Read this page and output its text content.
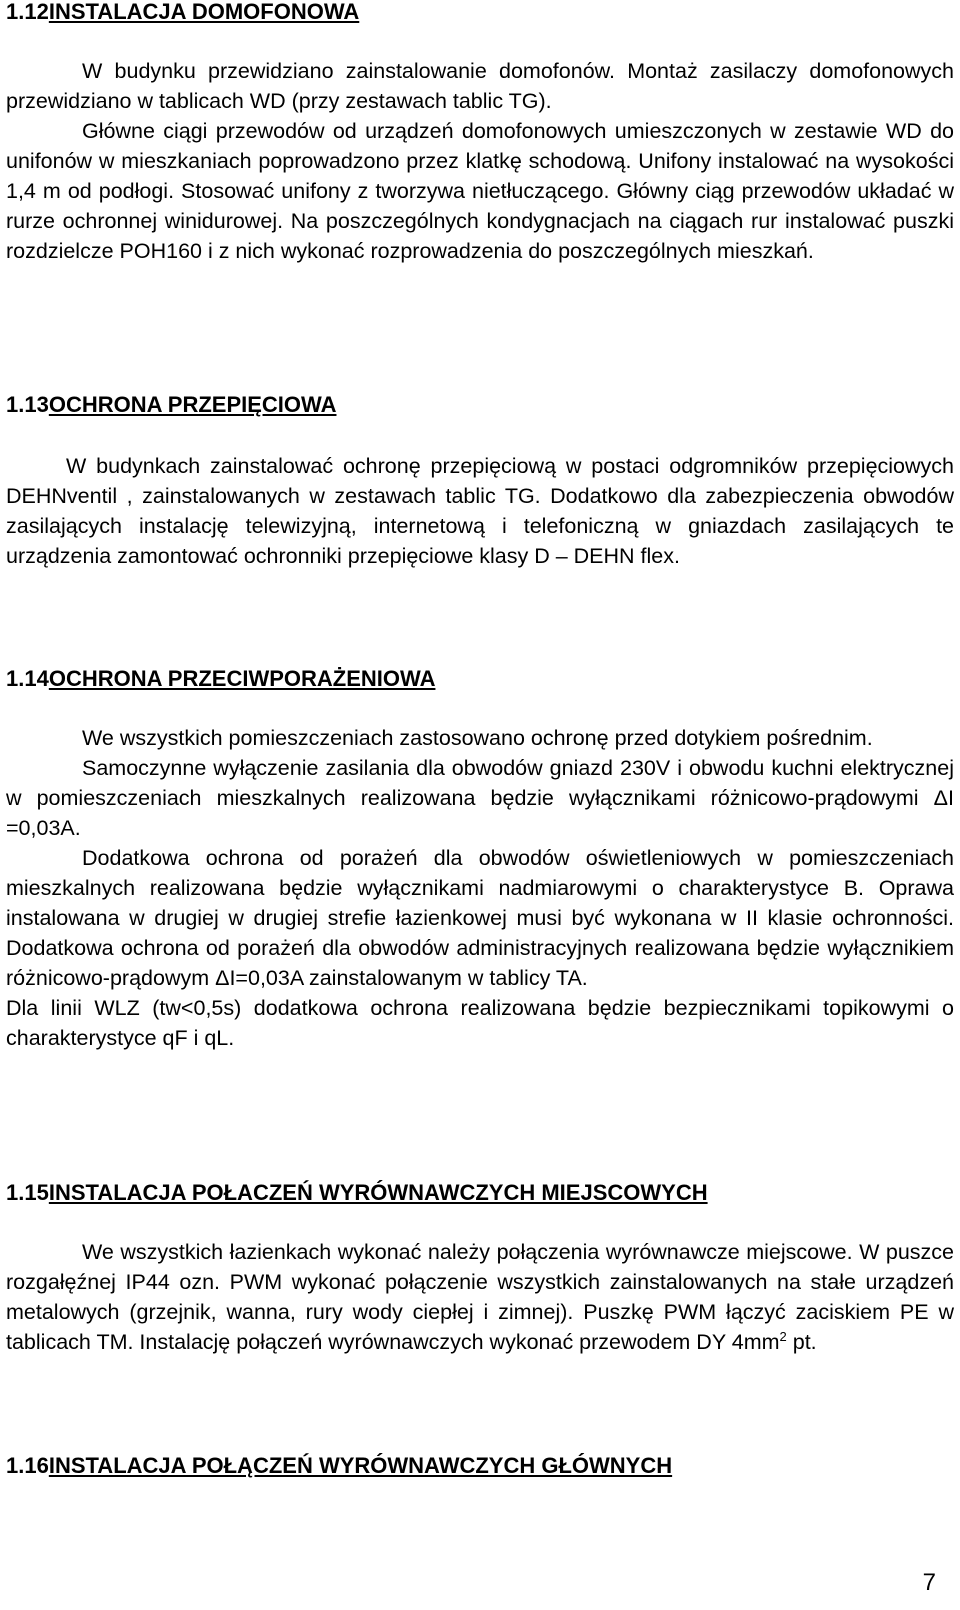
1.12INSTALACJA DOMOFONOWA

W budynku przewidziano zainstalowanie domofonów. Montaż zasilaczy domofonowych przewidziano w tablicach WD (przy zestawach tablic TG).

Główne ciągi przewodów od urządzeń domofonowych umieszczonych w zestawie WD do unifonów w mieszkaniach poprowadzono przez klatkę schodową. Unifony instalować na wysokości 1,4 m od podłogi. Stosować unifony z tworzywa nietłuczącego. Główny ciąg przewodów układać w rurze ochronnej winidurowej. Na poszczególnych kondygnacjach na ciągach rur instalować puszki rozdzielcze POH160 i z nich wykonać rozprowadzenia do poszczególnych mieszkań.

1.13OCHRONA PRZEPIĘCIOWA

W budynkach zainstalować ochronę przepięciową w postaci odgromników przepięciowych DEHNventil , zainstalowanych w zestawach tablic TG. Dodatkowo dla zabezpieczenia obwodów zasilających instalację telewizyjną, internetową i telefoniczną w gniazdach zasilających te urządzenia zamontować ochronniki przepięciowe klasy D – DEHN flex.

1.14OCHRONA PRZECIWPORAŻENIOWA

We wszystkich pomieszczeniach zastosowano ochronę przed dotykiem pośrednim.

Samoczynne wyłączenie zasilania dla obwodów gniazd 230V i obwodu kuchni elektrycznej w pomieszczeniach mieszkalnych realizowana będzie wyłącznikami różnicowo-prądowymi ΔI =0,03A.

Dodatkowa ochrona od porażeń dla obwodów oświetleniowych w pomieszczeniach mieszkalnych realizowana będzie wyłącznikami nadmiarowymi o charakterystyce B. Oprawa instalowana w drugiej w drugiej strefie łazienkowej musi być wykonana w II klasie ochronności. Dodatkowa ochrona od porażeń dla obwodów administracyjnych realizowana będzie wyłącznikiem różnicowo-prądowym ΔI=0,03A zainstalowanym w tablicy TA.

Dla linii WLZ (tw<0,5s) dodatkowa ochrona realizowana będzie bezpiecznikami topikowymi o charakterystyce qF i qL.

1.15INSTALACJA POŁACZEŃ WYRÓWNAWCZYCH MIEJSCOWYCH

We wszystkich łazienkach wykonać należy połączenia wyrównawcze miejscowe. W puszce rozgałęźnej IP44 ozn. PWM wykonać połączenie wszystkich zainstalowanych na stałe urządzeń metalowych (grzejnik, wanna, rury wody ciepłej i zimnej). Puszkę PWM łączyć zaciskiem PE w tablicach TM. Instalację połączeń wyrównawczych wykonać przewodem DY $4mm^2$ pt.

1.16INSTALACJA POŁĄCZEŃ WYRÓWNAWCZYCH GŁÓWNYCH
7
